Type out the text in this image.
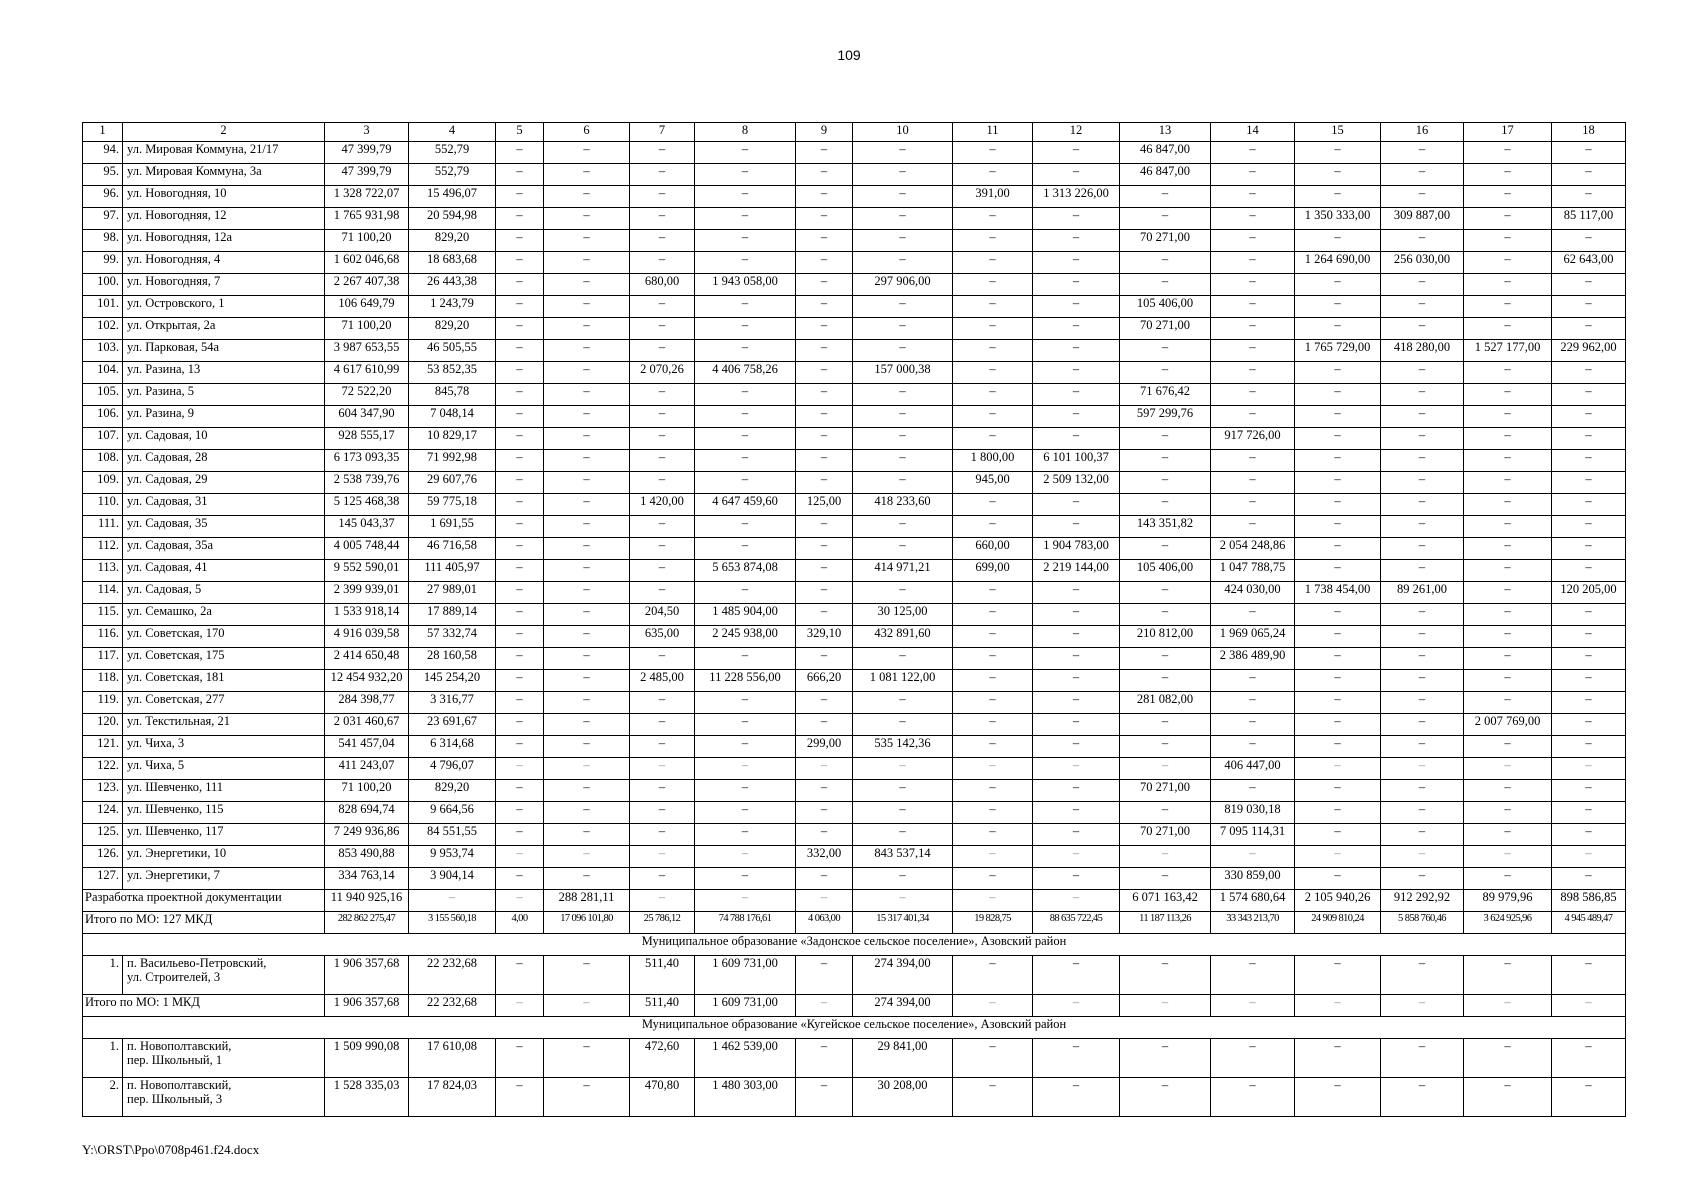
109
1	2	3	4	5	6	7	8	9	10	11	12	13	14	15	16	17	18
94.	ул. Мировая Коммуна, 21/17	47 399,79	552,79	–	–	–	–	–	–	–	–	46 847,00	–	–	–	–	–
95.	ул. Мировая Коммуна, 3а	47 399,79	552,79	–	–	–	–	–	–	–	–	46 847,00	–	–	–	–	–
96.	ул. Новогодняя, 10	1 328 722,07	15 496,07	–	–	–	–	–	–	391,00	1 313 226,00	–	–	–	–	–	–
97.	ул. Новогодняя, 12	1 765 931,98	20 594,98	–	–	–	–	–	–	–	–	–	–	1 350 333,00	309 887,00	–	85 117,00
98.	ул. Новогодняя, 12а	71 100,20	829,20	–	–	–	–	–	–	–	–	70 271,00	–	–	–	–	–
99.	ул. Новогодняя, 4	1 602 046,68	18 683,68	–	–	–	–	–	–	–	–	–	–	1 264 690,00	256 030,00	–	62 643,00
100.	ул. Новогодняя, 7	2 267 407,38	26 443,38	–	–	680,00	1 943 058,00	–	297 906,00	–	–	–	–	–	–	–	–
101.	ул. Островского, 1	106 649,79	1 243,79	–	–	–	–	–	–	–	–	105 406,00	–	–	–	–	–
102.	ул. Открытая, 2а	71 100,20	829,20	–	–	–	–	–	–	–	–	70 271,00	–	–	–	–	–
103.	ул. Парковая, 54а	3 987 653,55	46 505,55	–	–	–	–	–	–	–	–	–	–	1 765 729,00	418 280,00	1 527 177,00	229 962,00
104.	ул. Разина, 13	4 617 610,99	53 852,35	–	–	2 070,26	4 406 758,26	–	157 000,38	–	–	–	–	–	–	–	–
105.	ул. Разина, 5	72 522,20	845,78	–	–	–	–	–	–	–	–	71 676,42	–	–	–	–	–
106.	ул. Разина, 9	604 347,90	7 048,14	–	–	–	–	–	–	–	–	597 299,76	–	–	–	–	–
107.	ул. Садовая, 10	928 555,17	10 829,17	–	–	–	–	–	–	–	–	–	917 726,00	–	–	–	–
108.	ул. Садовая, 28	6 173 093,35	71 992,98	–	–	–	–	–	–	1 800,00	6 101 100,37	–	–	–	–	–	–
109.	ул. Садовая, 29	2 538 739,76	29 607,76	–	–	–	–	–	–	945,00	2 509 132,00	–	–	–	–	–	–
110.	ул. Садовая, 31	5 125 468,38	59 775,18	–	–	1 420,00	4 647 459,60	125,00	418 233,60	–	–	–	–	–	–	–	–
111.	ул. Садовая, 35	145 043,37	1 691,55	–	–	–	–	–	–	–	–	143 351,82	–	–	–	–	–
112.	ул. Садовая, 35а	4 005 748,44	46 716,58	–	–	–	–	–	–	660,00	1 904 783,00	–	2 054 248,86	–	–	–	–
113.	ул. Садовая, 41	9 552 590,01	111 405,97	–	–	–	5 653 874,08	–	414 971,21	699,00	2 219 144,00	105 406,00	1 047 788,75	–	–	–	–
114.	ул. Садовая, 5	2 399 939,01	27 989,01	–	–	–	–	–	–	–	–	–	424 030,00	1 738 454,00	89 261,00	–	120 205,00
115.	ул. Семашко, 2а	1 533 918,14	17 889,14	–	–	204,50	1 485 904,00	–	30 125,00	–	–	–	–	–	–	–	–
116.	ул. Советская, 170	4 916 039,58	57 332,74	–	–	635,00	2 245 938,00	329,10	432 891,60	–	–	210 812,00	1 969 065,24	–	–	–	–
117.	ул. Советская, 175	2 414 650,48	28 160,58	–	–	–	–	–	–	–	–	–	2 386 489,90	–	–	–	–
118.	ул. Советская, 181	12 454 932,20	145 254,20	–	–	2 485,00	11 228 556,00	666,20	1 081 122,00	–	–	–	–	–	–	–	–
119.	ул. Советская, 277	284 398,77	3 316,77	–	–	–	–	–	–	–	–	281 082,00	–	–	–	–	–
120.	ул. Текстильная, 21	2 031 460,67	23 691,67	–	–	–	–	–	–	–	–	–	–	–	–	2 007 769,00	–
121.	ул. Чиха, 3	541 457,04	6 314,68	–	–	–	–	299,00	535 142,36	–	–	–	–	–	–	–	–
122.	ул. Чиха, 5	411 243,07	4 796,07	–	–	–	–	–	–	–	–	–	406 447,00	–	–	–	–
123.	ул. Шевченко, 111	71 100,20	829,20	–	–	–	–	–	–	–	–	70 271,00	–	–	–	–	–
124.	ул. Шевченко, 115	828 694,74	9 664,56	–	–	–	–	–	–	–	–	–	819 030,18	–	–	–	–
125.	ул. Шевченко, 117	7 249 936,86	84 551,55	–	–	–	–	–	–	–	–	70 271,00	7 095 114,31	–	–	–	–
126.	ул. Энергетики, 10	853 490,88	9 953,74	–	–	–	–	332,00	843 537,14	–	–	–	–	–	–	–	–
127.	ул. Энергетики, 7	334 763,14	3 904,14	–	–	–	–	–	–	–	–	–	330 859,00	–	–	–	–
Разработка проектной документации		11 940 925,16	–	–	288 281,11	–	–	–	–	–	–	6 071 163,42	1 574 680,64	2 105 940,26	912 292,92	89 979,96	898 586,85
Итого по МО: 127 МКД		282 862 275,47	3 155 560,18	4,00	17 096 101,80	25 786,12	74 788 176,61	4 063,00	15 317 401,34	19 828,75	88 635 722,45	11 187 113,26	33 343 213,70	24 909 810,24	5 858 760,46	3 624 925,96	4 945 489,47
Муниципальное образование «Задонское сельское поселение», Азовский район																	
1.	п. Васильево-Петровский,
ул. Строителей, 3	1 906 357,68	22 232,68	–	–	511,40	1 609 731,00	–	274 394,00	–	–	–	–	–	–	–	–
Итого по МО: 1 МКД		1 906 357,68	22 232,68	–	–	511,40	1 609 731,00	–	274 394,00	–	–	–	–	–	–	–	–
Муниципальное образование «Кугейское сельское поселение», Азовский район																	
1.	п. Новополтавский,
пер. Школьный, 1	1 509 990,08	17 610,08	–	–	472,60	1 462 539,00	–	29 841,00	–	–	–	–	–	–	–	–
2.	п. Новополтавский,
пер. Школьный, 3	1 528 335,03	17 824,03	–	–	470,80	1 480 303,00	–	30 208,00	–	–	–	–	–	–	–	–
Y:\ORST\Ppo\0708p461.f24.docx
